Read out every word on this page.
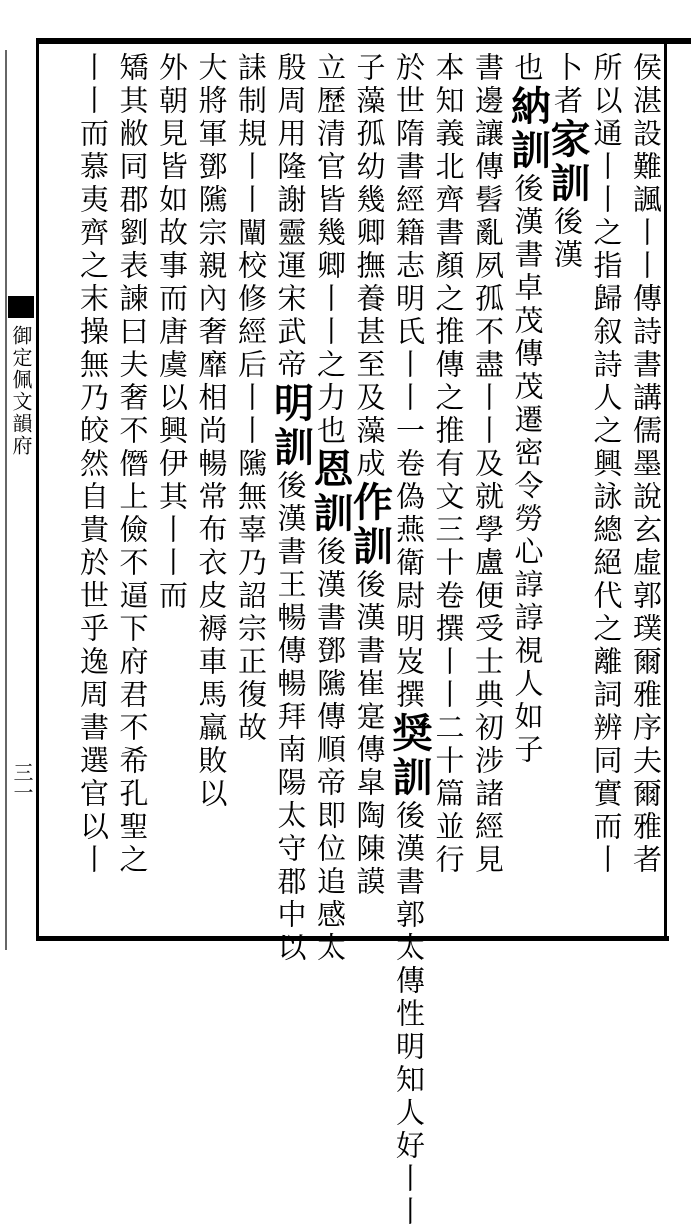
御定佩文韻府
三一	侯湛設難諷丨丨傳詩書講儒墨說玄虛郭璞爾雅序夫爾雅者
所以通丨丨之指歸叙詩人之興詠總絕代之離詞辨同實而丨
卜者家訓後漢
也納訓後漢書卓茂傳茂遷密令勞心諄諄視人如子
書邊讓傳髫亂夙孤不盡丨丨及就學盧便受士典初涉諸經見
本知義北齊書顏之推傳之推有文三十卷撰丨丨二十篇並行
於世隋書經籍志明氏丨丨一卷偽燕衛尉明岌撰奨訓後漢書郭太傳性明知人好丨丨
子藻孤幼幾卿撫養甚至及藻成作訓後漢書崔寔傳皐陶陳謨
立歷清官皆幾卿丨丨之力也恩訓後漢書鄧隲傳順帝即位追感太
殷周用隆謝靈運宋武帝明訓後漢書王暢傳暢拜南陽太守郡中以
誄制規丨丨闡校修經后丨丨隲無辜乃詔宗正復故
大將軍鄧隲宗親內奢靡相尚暢常布衣皮褥車馬羸敗以
外朝見皆如故事而唐虞以興伊其丨丨而
矯其敝同郡劉表諫曰夫奢不僭上儉不逼下府君不希孔聖之
丨丨而慕夷齊之末操無乃皎然自貴於世乎逸周書選官以丨
